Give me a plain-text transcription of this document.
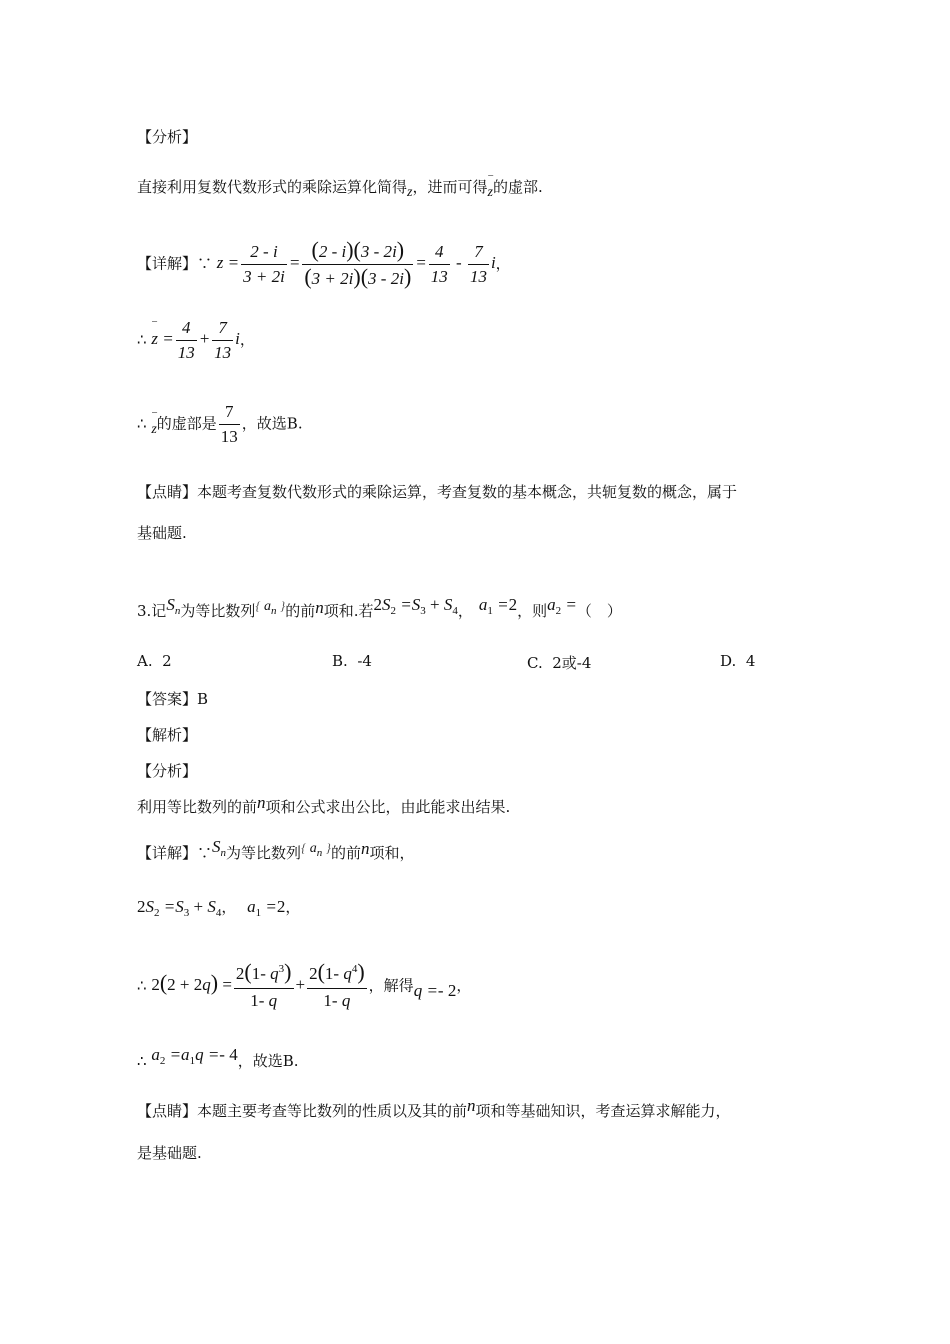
【分析】
直接利用复数代数形式的乘除运算化简得z，进而可得‾ z的虚部.
【详解】∵ $z = \frac{2 - i}{3 + 2i} = \frac{(2 - i)(3 - 2i)}{(3 + 2i)(3 - 2i)} = \frac{4}{13} - \frac{7}{13}$ i，
∴ ‾ $z = \frac{4}{13} + \frac{7}{13}$ i，
∴ ‾ z的虚部是 $\frac{7}{13}$ ，故选B.
【点睛】本题考查复数代数形式的乘除运算，考查复数的基本概念，共轭复数的概念，属于
基础题.
3.记$S_n$为等比数列{ $a_n$ }的前n项和.若$2S_2 =S_3 + S_4$， $a_1 =2$，则$a_2$ =（　）
A. 2	B. -4	C. 2或-4	D. 4
【答案】B
【解析】
【分析】
利用等比数列的前n项和公式求出公比，由此能求出结果.
【详解】$\because S_n$为等比数列{ $a_n$ }的前n项和，
$2S_2 =S_3 + S_4$， $a_1 =2$，
∴ $2(2 + 2q) = \frac{2(1- q^3)}{1- q} + \frac{2(1- q^4)}{1- q}$ ，解得q =- 2，
∴ $a_2 =a_1q =- 4$，故选B.
【点睛】本题主要考查等比数列的性质以及其的前n项和等基础知识，考查运算求解能力，
是基础题.
